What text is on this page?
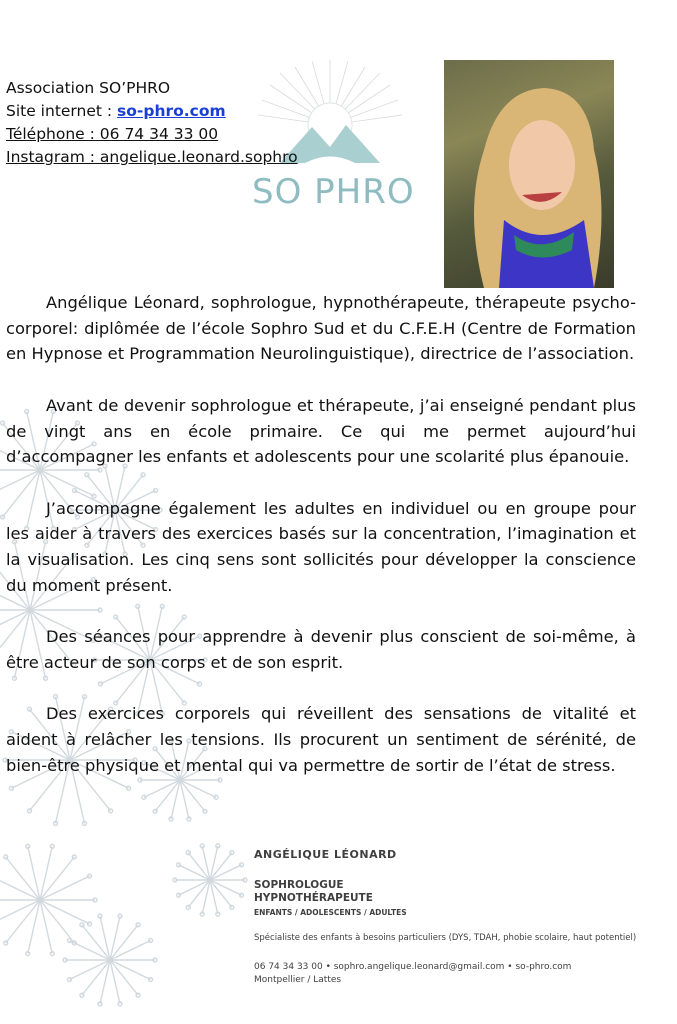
Association SO’PHRO
Site internet : so-phro.com
Téléphone : 06 74 34 33 00
Instagram : angelique.leonard.sophro
SO PHRO

Angélique Léonard, sophrologue, hypnothérapeute, thérapeute psycho-corporel: diplômée de l’école Sophro Sud et du C.F.E.H (Centre de Formation en Hypnose et Programmation Neurolinguistique), directrice de l’association.

Avant de devenir sophrologue et thérapeute, j’ai enseigné pendant plus de vingt ans en école primaire. Ce qui me permet aujourd’hui d’accompagner les enfants et adolescents pour une scolarité plus épanouie.

J’accompagne également les adultes en individuel ou en groupe pour les aider à travers des exercices basés sur la concentration, l’imagination et la visualisation. Les cinq sens sont sollicités pour développer la conscience du moment présent.

Des séances pour apprendre à devenir plus conscient de soi-même, à être acteur de son corps et de son esprit.

Des exercices corporels qui réveillent des sensations de vitalité et aident à relâcher les tensions. Ils procurent un sentiment de sérénité, de bien-être physique et mental qui va permettre de sortir de l’état de stress.

ANGÉLIQUE LÉONARD
SOPHROLOGUE
HYPNOTHÉRAPEUTE
ENFANTS / ADOLESCENTS / ADULTES
Spécialiste des enfants à besoins particuliers (DYS, TDAH, phobie scolaire, haut potentiel)
06 74 34 33 00 • sophro.angelique.leonard@gmail.com • so-phro.com
Montpellier / Lattes
